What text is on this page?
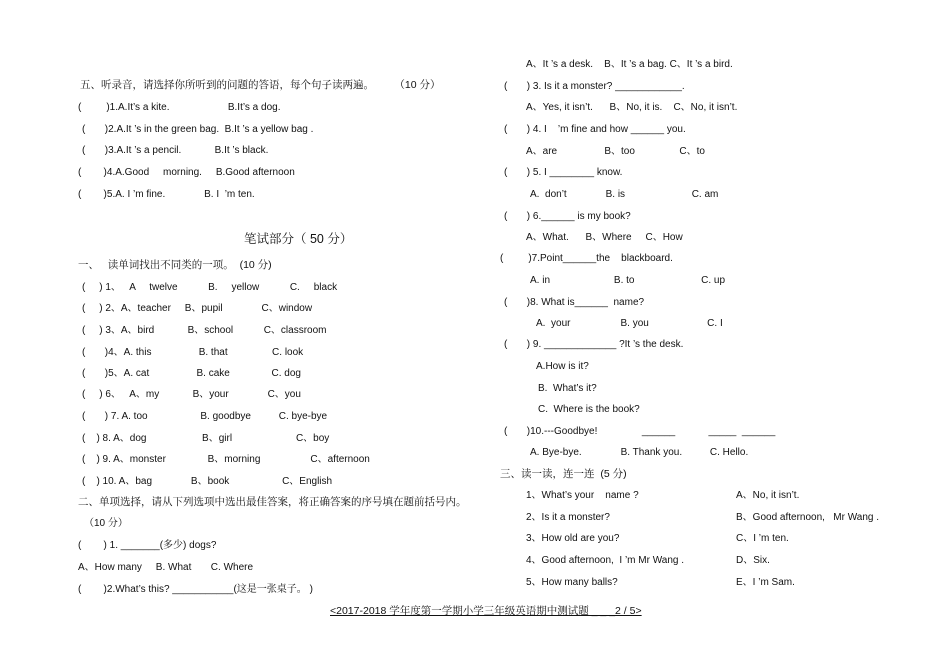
五、听录音，请选择你所听到的问题的答语，每个句子读两遍。       （10 分）
(         )1.A.It’s a kite.                     B.It’s a dog.
(       )2.A.It ’s in the green bag.  B.It ’s a yellow bag .
(       )3.A.It ’s a pencil.            B.It ’s black.
(        )4.A.Good     morning.     B.Good afternoon
(        )5.A. I ’m fine.              B. I  ’m ten.
笔试部分（ 50 分）
一、   读单词找出不同类的一项。  (10 分)
(     ) 1、   A     twelve           B.     yellow           C.     black
(     ) 2、A、teacher     B、pupil              C、window
(     ) 3、A、bird            B、school           C、classroom
(       )4、A. this                 B. that                C. look
(       )5、A. cat                 B. cake               C. dog
(     ) 6、   A、my            B、your              C、you
(       ) 7. A. too                   B. goodbye          C. bye-bye
(    ) 8. A、dog                    B、girl                       C、boy
(    ) 9. A、monster               B、morning                  C、afternoon
(    ) 10. A、bag              B、book                   C、English
二、单项选择，请从下列选项中选出最佳答案，将正确答案的序号填在题前括号内。
（10 分）
(        ) 1. _______(多少) dogs?
A、How many     B. What       C. Where
(        )2.What’s this? ___________(这是一张桌子。 )
A、It ’s a desk.    B、It ’s a bag. C、It ’s a bird.
(       ) 3. Is it a monster? ____________.
A、Yes, it isn’t.      B、No, it is.    C、No, it isn’t.
(       ) 4. I    ’m fine and how ______ you.
A、are                 B、too                C、to
(       ) 5. I ________ know.
A.  don’t              B. is                        C. am
(       ) 6.______ is my book?
A、What.      B、Where     C、How
(         )7.Point______the    blackboard.
A. in                       B. to                        C. up
(       )8. What is______  name?
A.  your                  B. you                     C. I
(       ) 9. _____________ ?It ’s the desk.
A.How is it?
B.  What’s it?
C.  Where is the book?
(       )10.---Goodbye!                ______            _____  ______
A. Bye-bye.              B. Thank you.          C. Hello.
三、读一读，连一连  (5 分)
1、What’s your    name ?
2、Is it a monster?
3、How old are you?
4、Good afternoon,  I ’m Mr Wang .
5、How many balls?
A、No, it isn’t.
B、Good afternoon,   Mr Wang .
C、I ’m ten.
D、Six.
E、I ’m Sam.
<2017-2018 学年度第一学期小学三年级英语期中测试题 _ _ _2 / 5>
